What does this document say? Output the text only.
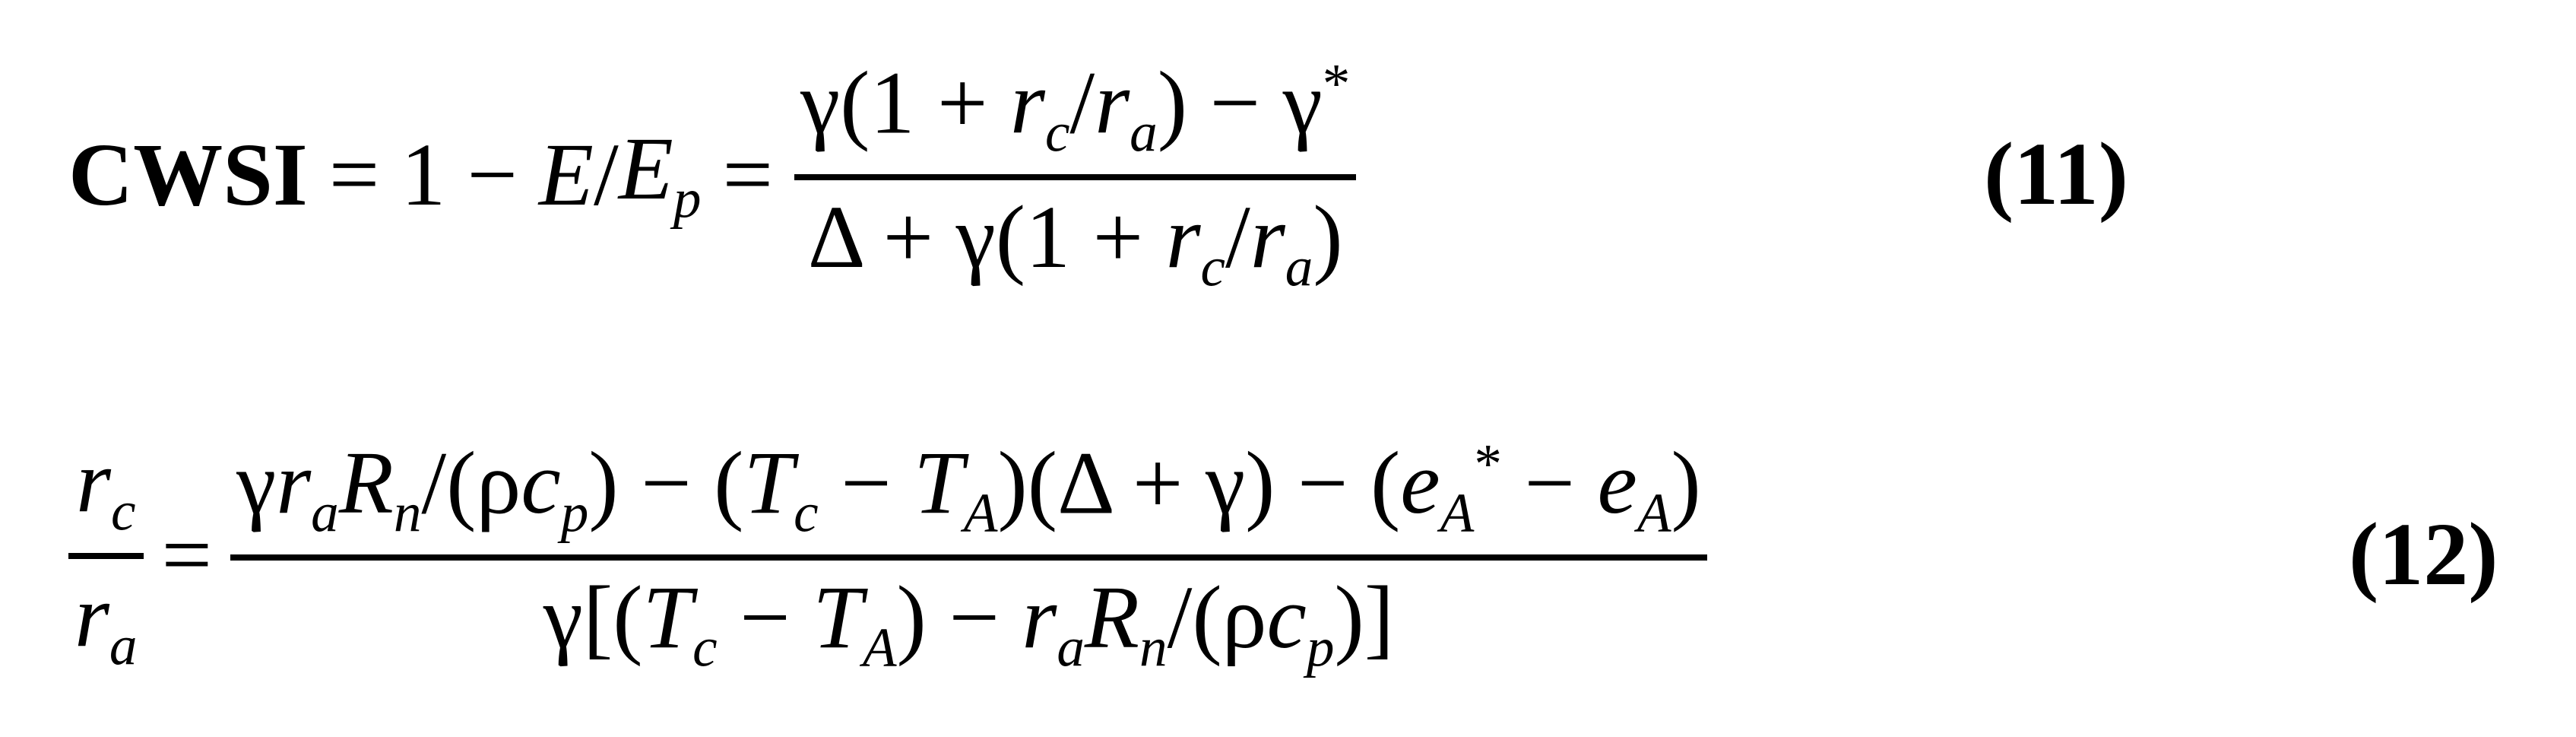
CWSI = $1 - E / E_p$ =
$\gamma(1 + r_c/r_a) - \gamma^*$
$\Delta + \gamma(1 + r_c/r_a)$
(11)
$r_c$
$r_a$
=
$\gamma r_aR_n/(\rho c_p) - (T_c - T_A)(\Delta + \gamma) - (e_A^* - e_A)$
$\gamma[(T_c - T_A) - r_aR_n/(\rho c_p)]$
(12)
